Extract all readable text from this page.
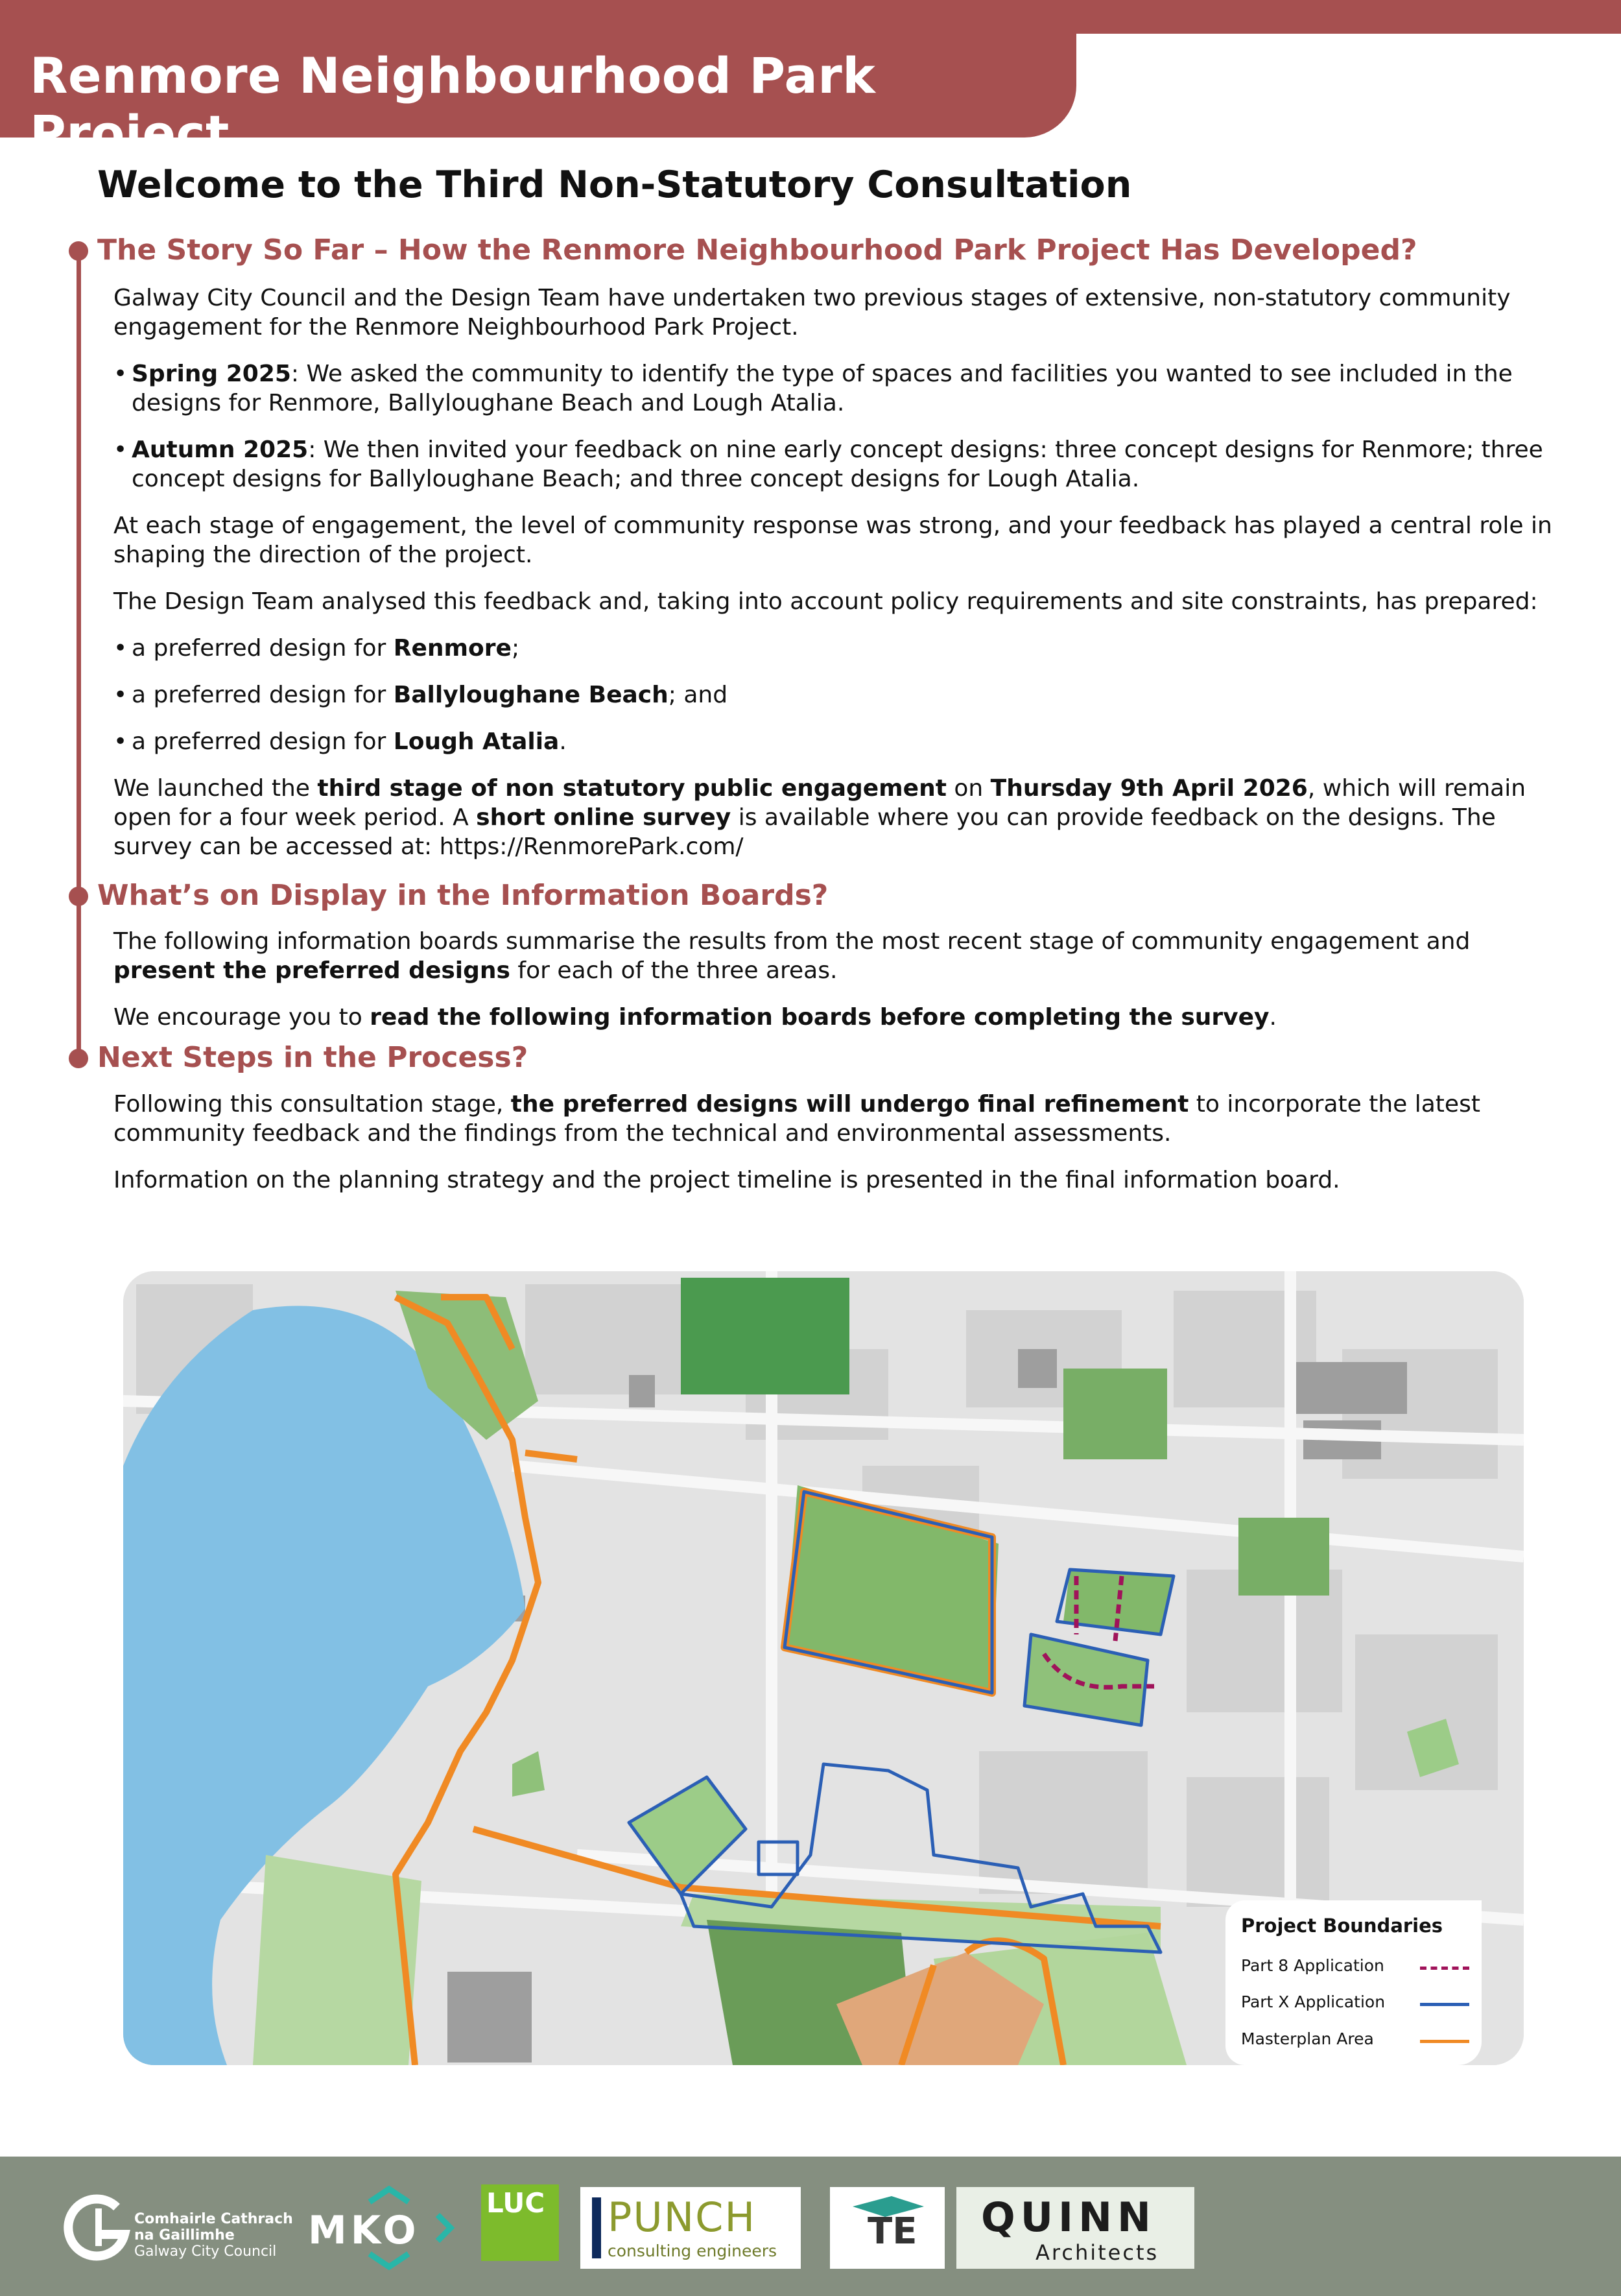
Renmore Neighbourhood Park Project
Welcome to the Third Non-Statutory Consultation
The Story So Far – How the Renmore Neighbourhood Park Project Has Developed?

Galway City Council and the Design Team have undertaken two previous stages of extensive, non-statutory community engagement for the Renmore Neighbourhood Park Project.

• Spring 2025: We asked the community to identify the type of spaces and facilities you wanted to see included in the designs for Renmore, Ballyloughane Beach and Lough Atalia.

• Autumn 2025: We then invited your feedback on nine early concept designs: three concept designs for Renmore; three concept designs for Ballyloughane Beach; and three concept designs for Lough Atalia.

At each stage of engagement, the level of community response was strong, and your feedback has played a central role in shaping the direction of the project.

The Design Team analysed this feedback and, taking into account policy requirements and site constraints, has prepared:

• a preferred design for Renmore;

• a preferred design for Ballyloughane Beach; and

• a preferred design for Lough Atalia.

We launched the third stage of non statutory public engagement on Thursday 9th April 2026, which will remain open for a four week period. A short online survey is available where you can provide feedback on the designs. The survey can be accessed at: https://RenmorePark.com/

What’s on Display in the Information Boards?

The following information boards summarise the results from the most recent stage of community engagement and present the preferred designs for each of the three areas.

We encourage you to read the following information boards before completing the survey.

Next Steps in the Process?

Following this consultation stage, the preferred designs will undergo final refinement to incorporate the latest community feedback and the findings from the technical and environmental assessments.

Information on the planning strategy and the project timeline is presented in the final information board.

Project Boundaries
Part 8 Application
Part X Application
Masterplan Area
Comhairle Cathrach
na Gaillimhe
Galway City Council MKO
LUC PUNCH
consulting engineers TE QUINN
Architects
